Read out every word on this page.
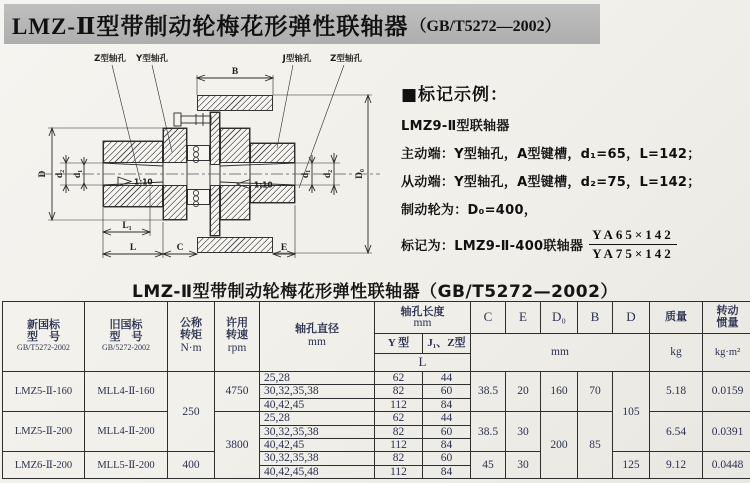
LMZ-Ⅱ型带制动轮梅花形弹性联轴器 （GB/T5272—2002）
Z型轴孔 Y型轴孔	J型轴孔 Z型轴孔
B
D d₂ d₁	d₁ d₂ D₀
L₁
L	C	E
1:10	1:10
■标记示例：
LMZ9-Ⅱ型联轴器
主动端：Y型轴孔，A型键槽，d₁=65，L=142；
从动端：Y型轴孔，A型键槽，d₂=75，L=142；
制动轮为：D₀=400，
标记为：LMZ9-Ⅱ-400联轴器 $\frac{YA65\times 142}{YA75\times 142}$
LMZ-Ⅱ型带制动轮梅花形弹性联轴器（GB/T5272—2002）
新国标
型　号
GB/T5272-2002

旧国标
型　号
GB/5272-2002

公称
转矩
N·m

许用
转速
rpm

轴孔直径
mm

轴孔长度
mm	C	E	D₀	B	D	质量	转动
惯量

					Y 型	J₁、Z型	mm					kg	kg·m²
					L								
LMZ5-Ⅱ-160	MLL4-Ⅱ-160	250	4750	25,28	62	44	38.5	20	160	70	105	5.18	0.0159
				30,32,35,38	82	60							
				40,42,45	112	84							
LMZ5-Ⅱ-200	MLL4-Ⅱ-200		3800	25,28	62	44	38.5	30	200	85		6.54	0.0391
				30,32,35,38	82	60							
				40,42,45	112	84							
LMZ6-Ⅱ-200	MLL5-Ⅱ-200	400		30,32,35,38	82	60	45	30			125	9.12	0.0448
				40,42,45,48	112	84							
